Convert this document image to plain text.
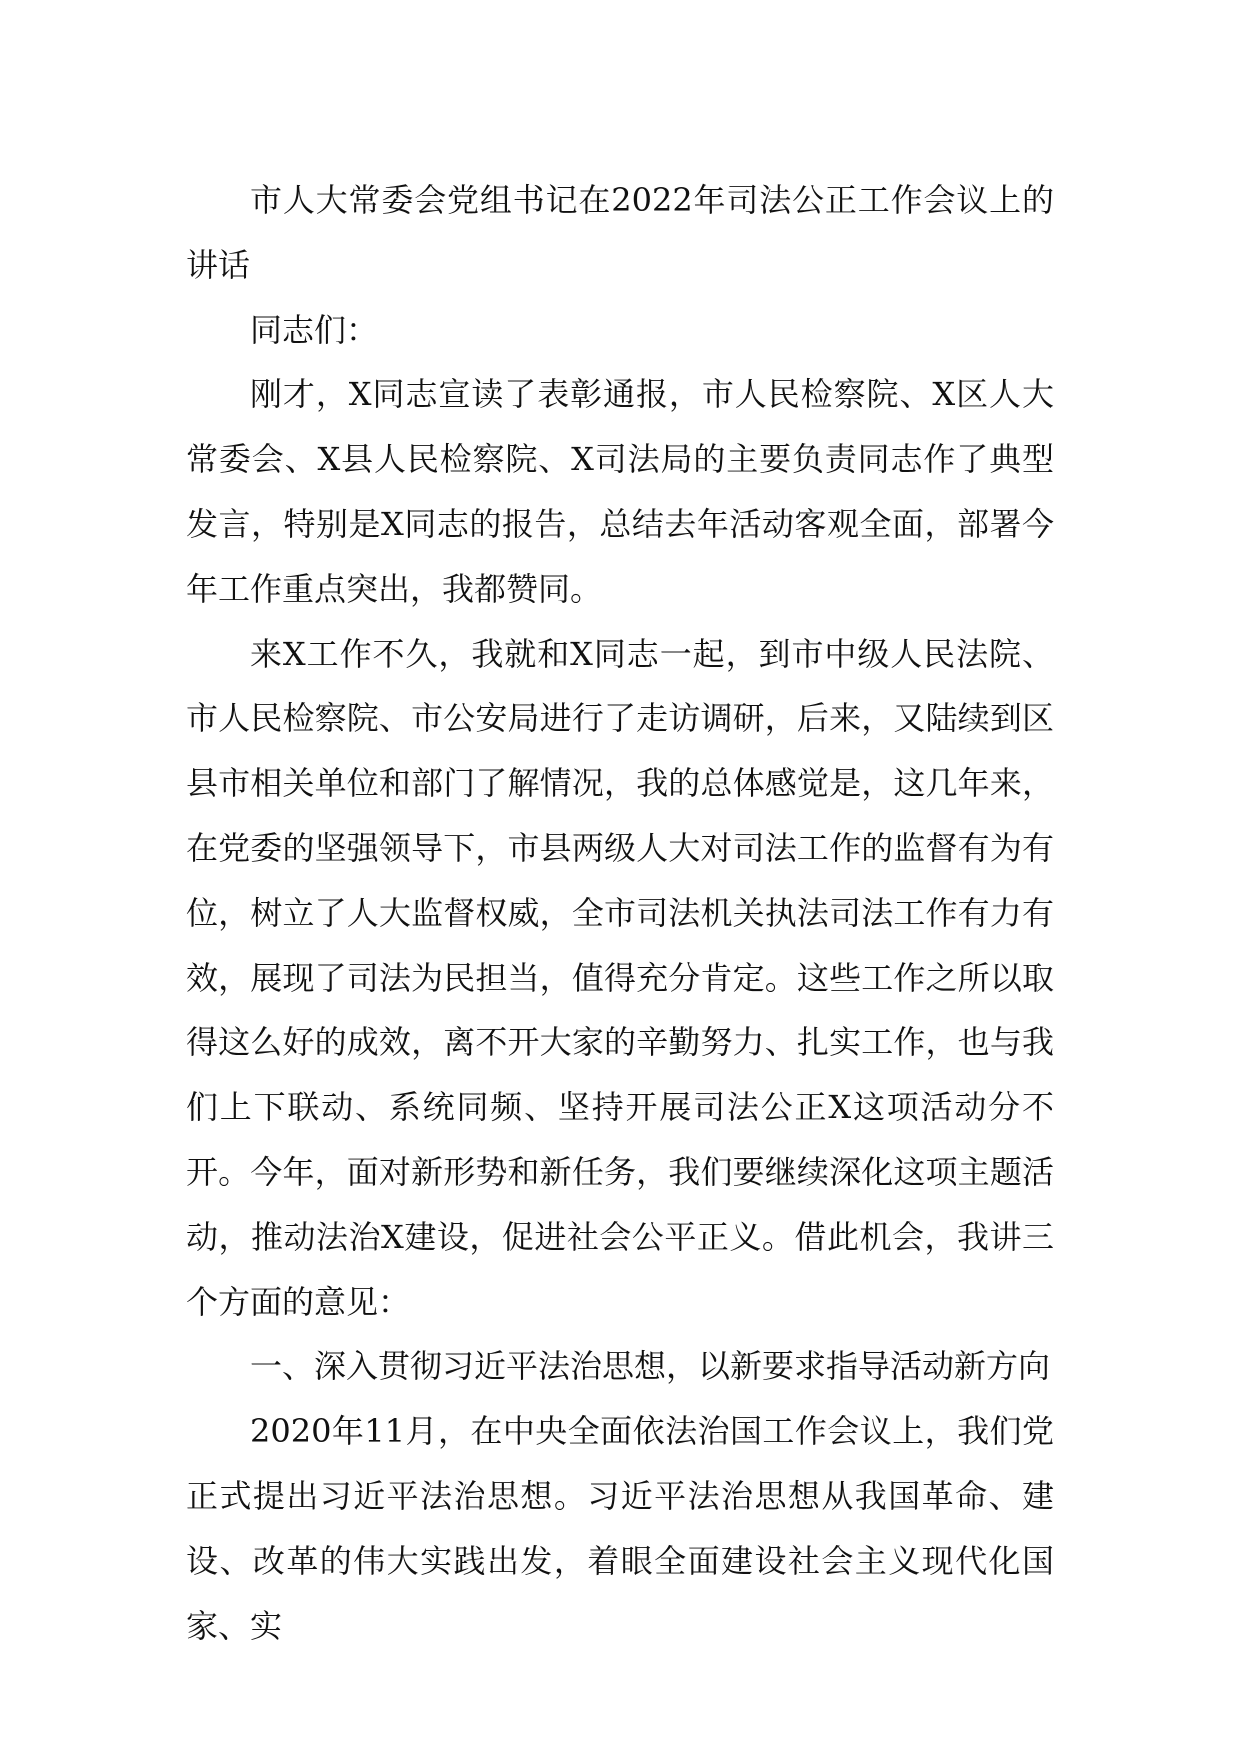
市人大常委会党组书记在2022年司法公正工作会议上的讲话

同志们：

刚才，X同志宣读了表彰通报，市人民检察院、X区人大常委会、X县人民检察院、X司法局的主要负责同志作了典型发言，特别是X同志的报告，总结去年活动客观全面，部署今年工作重点突出，我都赞同。

来X工作不久，我就和X同志一起，到市中级人民法院、市人民检察院、市公安局进行了走访调研，后来，又陆续到区县市相关单位和部门了解情况，我的总体感觉是，这几年来，在党委的坚强领导下，市县两级人大对司法工作的监督有为有位，树立了人大监督权威，全市司法机关执法司法工作有力有效，展现了司法为民担当，值得充分肯定。这些工作之所以取得这么好的成效，离不开大家的辛勤努力、扎实工作，也与我们上下联动、系统同频、坚持开展司法公正X这项活动分不开。今年，面对新形势和新任务，我们要继续深化这项主题活动，推动法治X建设，促进社会公平正义。借此机会，我讲三个方面的意见：

一、深入贯彻习近平法治思想，以新要求指导活动新方向

2020年11月，在中央全面依法治国工作会议上，我们党正式提出习近平法治思想。习近平法治思想从我国革命、建设、改革的伟大实践出发，着眼全面建设社会主义现代化国家、实
